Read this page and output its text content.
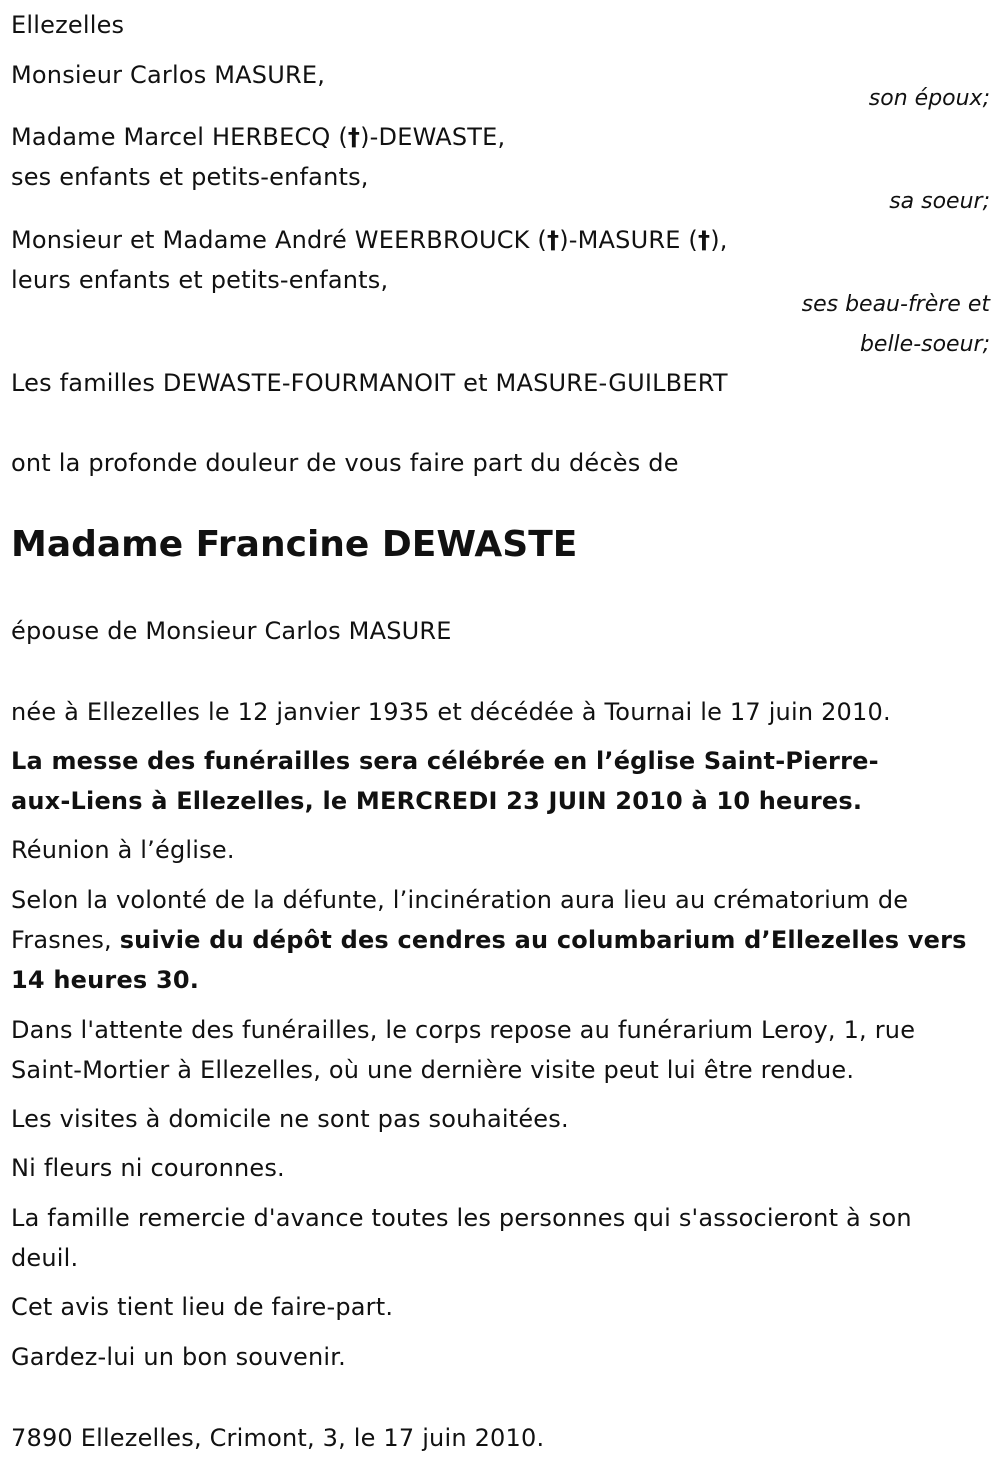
Ellezelles
Monsieur Carlos MASURE,
son époux;
Madame Marcel HERBECQ (†)-DEWASTE,
ses enfants et petits-enfants,
sa soeur;
Monsieur et Madame André WEERBROUCK (†)-MASURE (†),
leurs enfants et petits-enfants,
ses beau-frère et
belle-soeur;
Les familles DEWASTE-FOURMANOIT et MASURE-GUILBERT
ont la profonde douleur de vous faire part du décès de
Madame Francine DEWASTE
épouse de Monsieur Carlos MASURE
née à Ellezelles le 12 janvier 1935 et décédée à Tournai le 17 juin 2010.
La messe des funérailles sera célébrée en l’église Saint-Pierre-
aux-Liens à Ellezelles, le MERCREDI 23 JUIN 2010 à 10 heures.
Réunion à l’église.
Selon la volonté de la défunte, l’incinération aura lieu au crématorium de
Frasnes, suivie du dépôt des cendres au columbarium d’Ellezelles vers
14 heures 30.
Dans l'attente des funérailles, le corps repose au funérarium Leroy, 1, rue
Saint-Mortier à Ellezelles, où une dernière visite peut lui être rendue.
Les visites à domicile ne sont pas souhaitées.
Ni fleurs ni couronnes.
La famille remercie d'avance toutes les personnes qui s'associeront à son
deuil.
Cet avis tient lieu de faire-part.
Gardez-lui un bon souvenir.
7890 Ellezelles, Crimont, 3, le 17 juin 2010.
